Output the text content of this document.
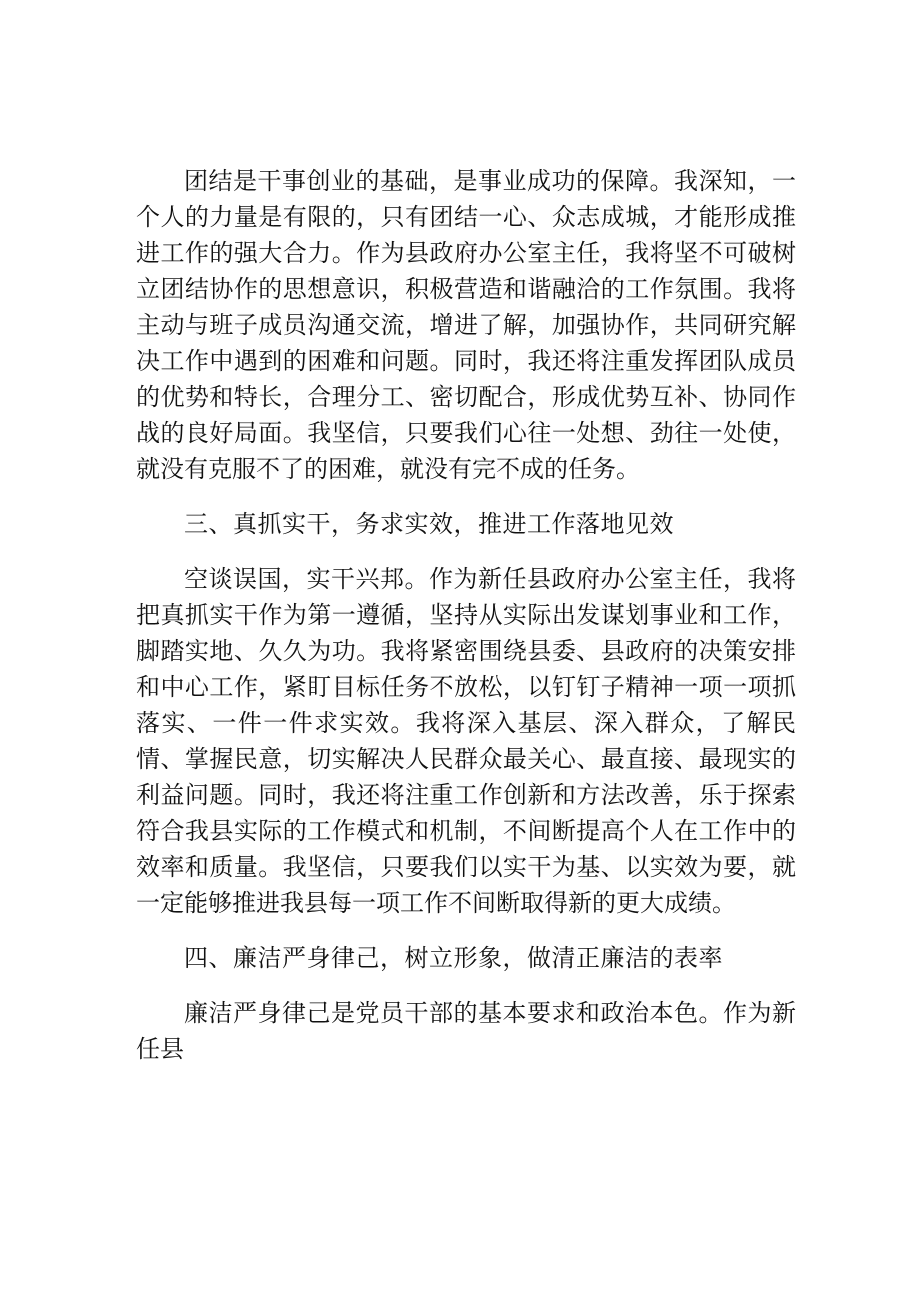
团结是干事创业的基础，是事业成功的保障。我深知，一个人的力量是有限的，只有团结一心、众志成城，才能形成推进工作的强大合力。作为县政府办公室主任，我将坚不可破树立团结协作的思想意识，积极营造和谐融洽的工作氛围。我将主动与班子成员沟通交流，增进了解，加强协作，共同研究解决工作中遇到的困难和问题。同时，我还将注重发挥团队成员的优势和特长，合理分工、密切配合，形成优势互补、协同作战的良好局面。我坚信，只要我们心往一处想、劲往一处使，就没有克服不了的困难，就没有完不成的任务。

三、真抓实干，务求实效，推进工作落地见效

空谈误国，实干兴邦。作为新任县政府办公室主任，我将把真抓实干作为第一遵循，坚持从实际出发谋划事业和工作，脚踏实地、久久为功。我将紧密围绕县委、县政府的决策安排和中心工作，紧盯目标任务不放松，以钉钉子精神一项一项抓落实、一件一件求实效。我将深入基层、深入群众，了解民情、掌握民意，切实解决人民群众最关心、最直接、最现实的利益问题。同时，我还将注重工作创新和方法改善，乐于探索符合我县实际的工作模式和机制，不间断提高个人在工作中的效率和质量。我坚信，只要我们以实干为基、以实效为要，就一定能够推进我县每一项工作不间断取得新的更大成绩。

四、廉洁严身律己，树立形象，做清正廉洁的表率

廉洁严身律己是党员干部的基本要求和政治本色。作为新任县
